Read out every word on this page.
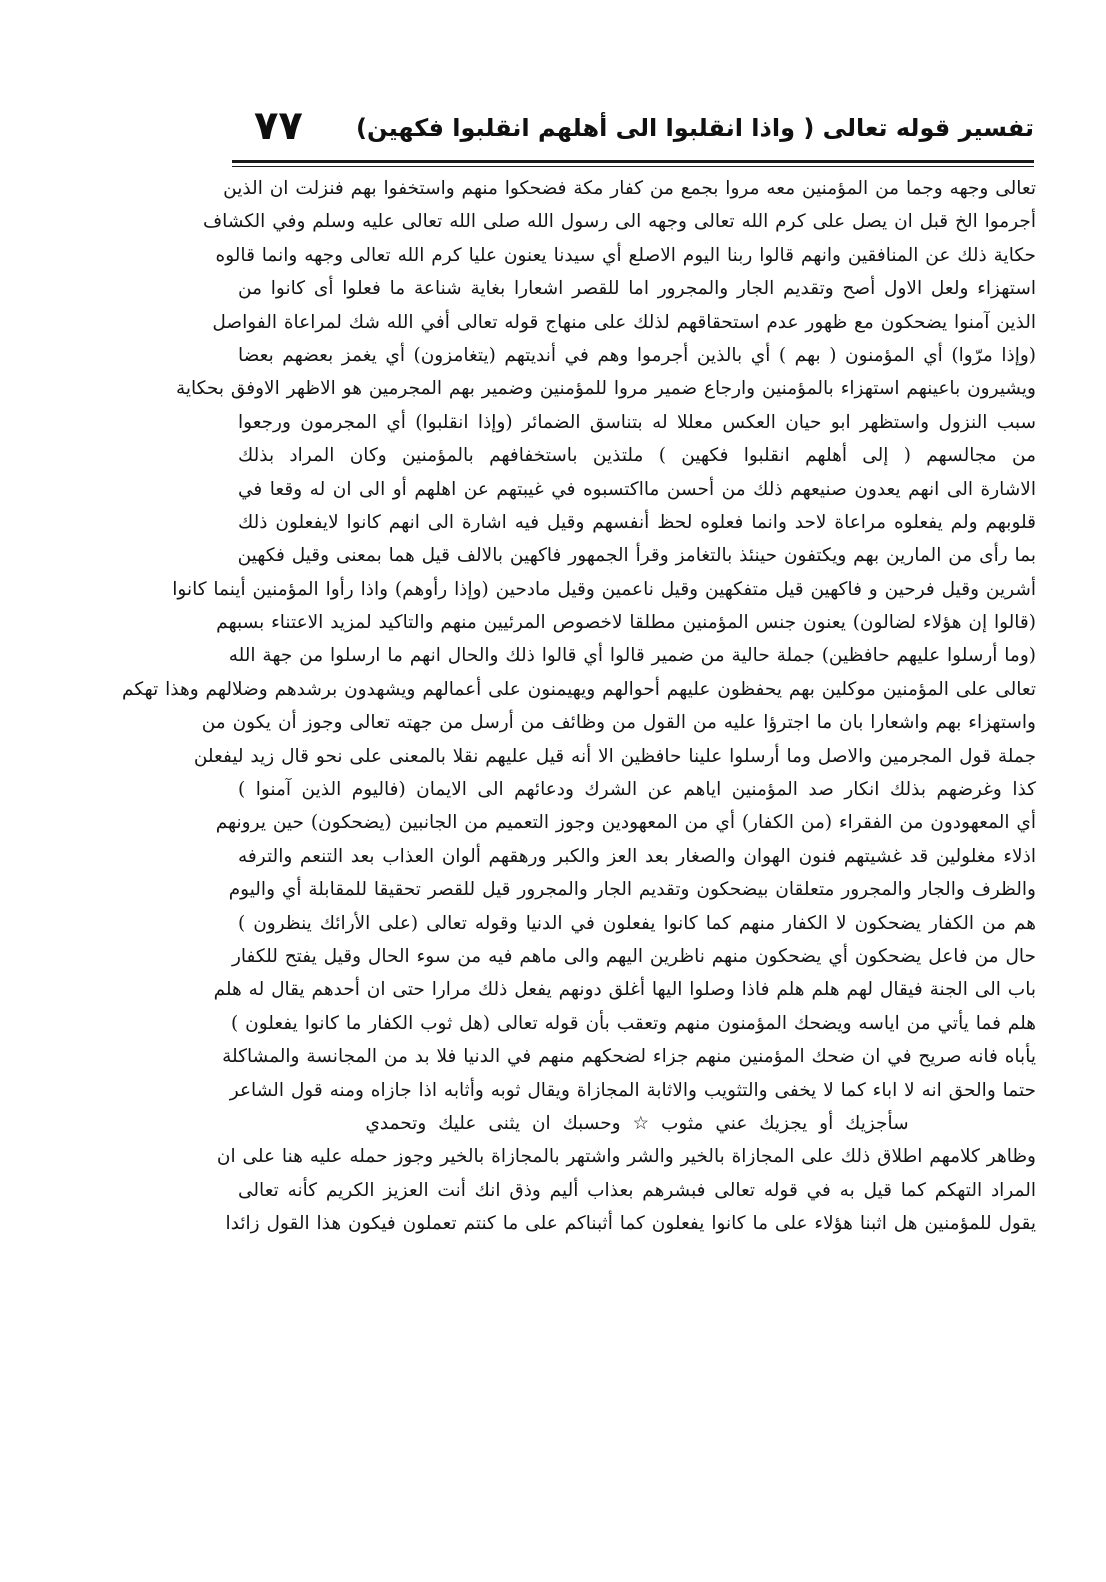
٧٧ تفسير قوله تعالى ( واذا انقلبوا الى أهلهم انقلبوا فكهين)
تعالى وجهه وجما من المؤمنين معه مروا بجمع من كفار مكة فضحكوا منهم واستخفوا بهم فنزلت ان الذين
أجرموا الخ قبل ان يصل على كرم الله تعالى وجهه الى رسول الله صلى الله تعالى عليه وسلم وفي الكشاف
حكاية ذلك عن المنافقين وانهم قالوا ربنا اليوم الاصلع أي سيدنا يعنون عليا كرم الله تعالى وجهه وانما قالوه
استهزاء ولعل الاول أصح وتقديم الجار والمجرور اما للقصر اشعارا بغاية شناعة ما فعلوا أى كانوا من
الذين آمنوا يضحكون مع ظهور عدم استحقاقهم لذلك على منهاج قوله تعالى أفي الله شك لمراعاة الفواصل
(وإذا مرّوا) أي المؤمنون ( بهم ) أي بالذين أجرموا وهم في أنديتهم (يتغامزون) أي يغمز بعضهم بعضا
ويشيرون باعينهم استهزاء بالمؤمنين وارجاع ضمير مروا للمؤمنين وضمير بهم المجرمين هو الاظهر الاوفق بحكاية
سبب النزول واستظهر ابو حيان العكس معللا له بتناسق الضمائر (وإذا انقلبوا) أي المجرمون ورجعوا
من مجالسهم ( إلى أهلهم انقلبوا فكهين ) ملتذين باستخفافهم بالمؤمنين وكان المراد بذلك
الاشارة الى انهم يعدون صنيعهم ذلك من أحسن مااكتسبوه في غيبتهم عن اهلهم أو الى ان له وقعا في
قلوبهم ولم يفعلوه مراعاة لاحد وانما فعلوه لحظ أنفسهم وقيل فيه اشارة الى انهم كانوا لايفعلون ذلك
بما رأى من المارين بهم ويكتفون حينئذ بالتغامز وقرأ الجمهور فاكهين بالالف قيل هما بمعنى وقيل فكهين
أشرين وقيل فرحين و فاكهين قيل متفكهين وقيل ناعمين وقيل مادحين (وإذا رأوهم) واذا رأوا المؤمنين أينما كانوا
(قالوا إن هؤلاء لضالون) يعنون جنس المؤمنين مطلقا لاخصوص المرئيين منهم والتاكيد لمزيد الاعتناء بسبهم
(وما أرسلوا عليهم حافظين) جملة حالية من ضمير قالوا أي قالوا ذلك والحال انهم ما ارسلوا من جهة الله
تعالى على المؤمنين موكلين بهم يحفظون عليهم أحوالهم ويهيمنون على أعمالهم ويشهدون برشدهم وضلالهم وهذا تهكم
واستهزاء بهم واشعارا بان ما اجترؤا عليه من القول من وظائف من أرسل من جهته تعالى وجوز أن يكون من
جملة قول المجرمين والاصل وما أرسلوا علينا حافظين الا أنه قيل عليهم نقلا بالمعنى على نحو قال زيد ليفعلن
كذا وغرضهم بذلك انكار صد المؤمنين اياهم عن الشرك ودعائهم الى الايمان (فاليوم الذين آمنوا )
أي المعهودون من الفقراء (من الكفار) أي من المعهودين وجوز التعميم من الجانبين (يضحكون) حين يرونهم
اذلاء مغلولين قد غشيتهم فنون الهوان والصغار بعد العز والكبر ورهقهم ألوان العذاب بعد التنعم والترفه
والظرف والجار والمجرور متعلقان بيضحكون وتقديم الجار والمجرور قيل للقصر تحقيقا للمقابلة أي واليوم
هم من الكفار يضحكون لا الكفار منهم كما كانوا يفعلون في الدنيا وقوله تعالى (على الأرائك ينظرون )
حال من فاعل يضحكون أي يضحكون منهم ناظرين اليهم والى ماهم فيه من سوء الحال وقيل يفتح للكفار
باب الى الجنة فيقال لهم هلم هلم فاذا وصلوا اليها أغلق دونهم يفعل ذلك مرارا حتى ان أحدهم يقال له هلم
هلم فما يأتي من اياسه ويضحك المؤمنون منهم وتعقب بأن قوله تعالى (هل ثوب الكفار ما كانوا يفعلون )
يأباه فانه صريح في ان ضحك المؤمنين منهم جزاء لضحكهم منهم في الدنيا فلا بد من المجانسة والمشاكلة
حتما والحق انه لا اباء كما لا يخفى والتثويب والاثابة المجازاة ويقال ثوبه وأثابه اذا جازاه ومنه قول الشاعر
سأجزيك أو يجزيك عني مثوب ☆ وحسبك ان يثنى عليك وتحمدي
وظاهر كلامهم اطلاق ذلك على المجازاة بالخير والشر واشتهر بالمجازاة بالخير وجوز حمله عليه هنا على ان
المراد التهكم كما قيل به في قوله تعالى فبشرهم بعذاب أليم وذق انك أنت العزيز الكريم كأنه تعالى
يقول للمؤمنين هل اثبنا هؤلاء على ما كانوا يفعلون كما أثبناكم على ما كنتم تعملون فيكون هذا القول زائدا
